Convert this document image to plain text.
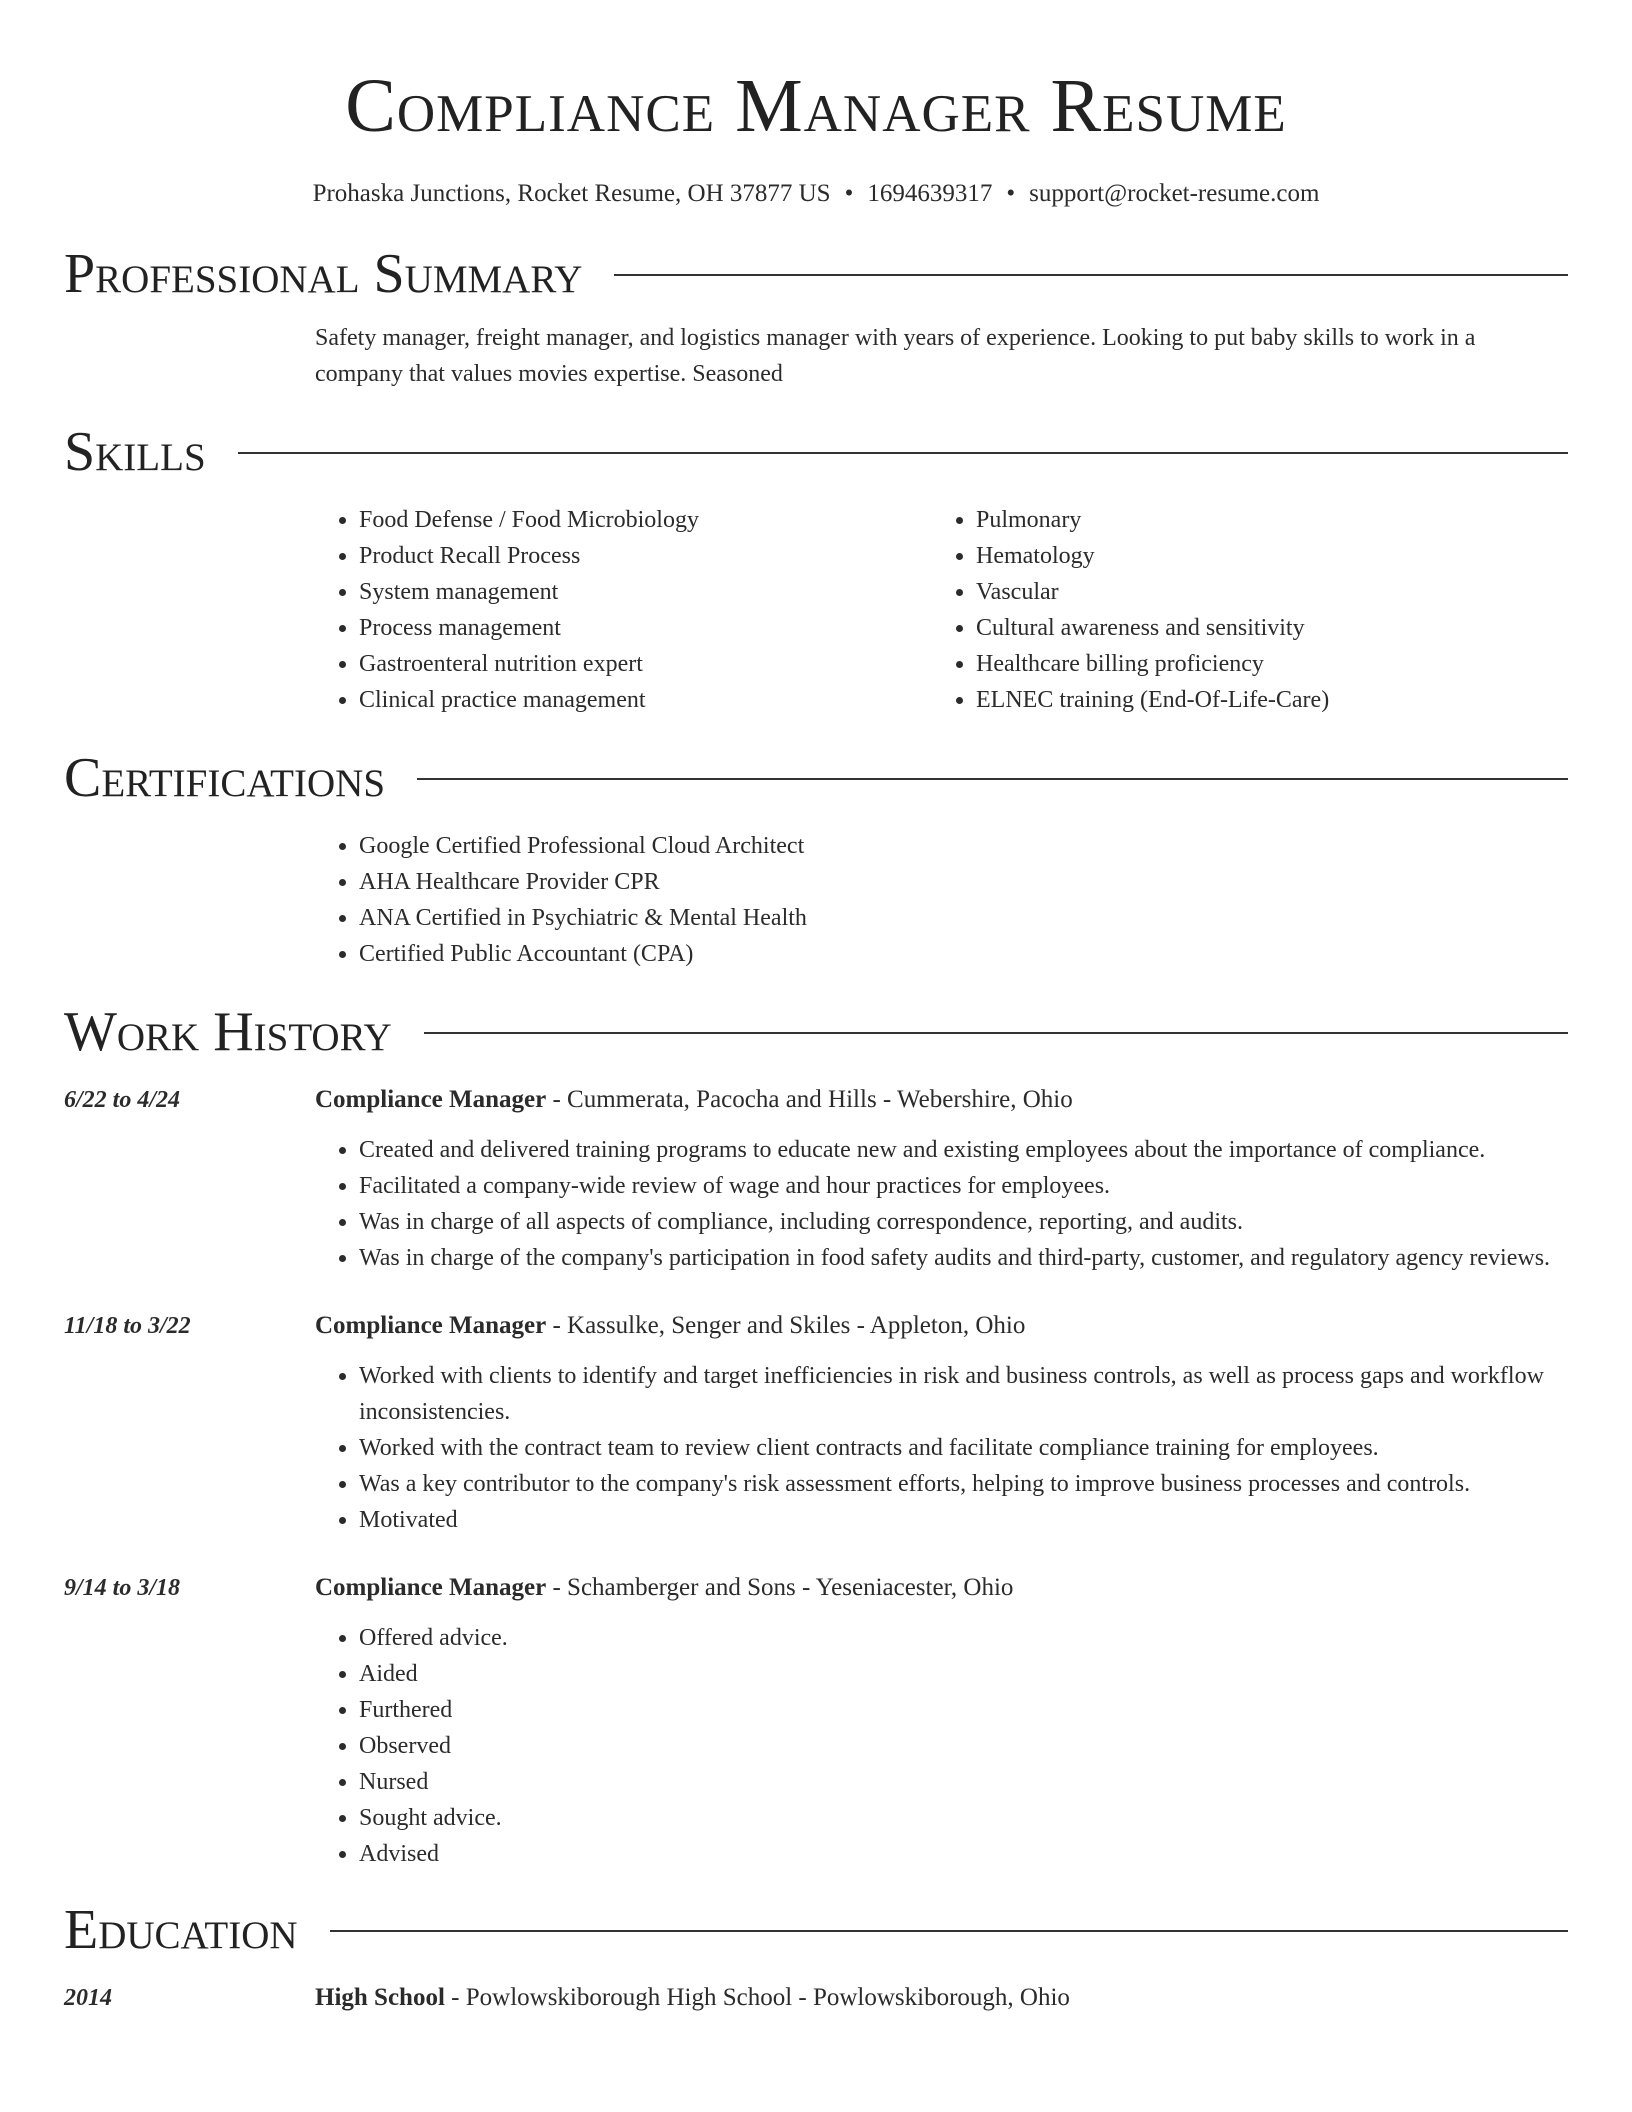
Compliance Manager Resume
Prohaska Junctions, Rocket Resume, OH 37877 US • 1694639317 • support@rocket-resume.com
Professional Summary
Safety manager, freight manager, and logistics manager with years of experience. Looking to put baby skills to work in a company that values movies expertise. Seasoned
Skills
• Food Defense / Food Microbiology
• Product Recall Process
• System management
• Process management
• Gastroenteral nutrition expert
• Clinical practice management
• Pulmonary
• Hematology
• Vascular
• Cultural awareness and sensitivity
• Healthcare billing proficiency
• ELNEC training (End-Of-Life-Care)
Certifications
• Google Certified Professional Cloud Architect
• AHA Healthcare Provider CPR
• ANA Certified in Psychiatric & Mental Health
• Certified Public Accountant (CPA)
Work History
6/22 to 4/24	Compliance Manager - Cummerata, Pacocha and Hills - Webershire, Ohio
• Created and delivered training programs to educate new and existing employees about the importance of compliance.
• Facilitated a company-wide review of wage and hour practices for employees.
• Was in charge of all aspects of compliance, including correspondence, reporting, and audits.
• Was in charge of the company's participation in food safety audits and third-party, customer, and regulatory agency reviews.
11/18 to 3/22	Compliance Manager - Kassulke, Senger and Skiles - Appleton, Ohio
• Worked with clients to identify and target inefficiencies in risk and business controls, as well as process gaps and workflow inconsistencies.
• Worked with the contract team to review client contracts and facilitate compliance training for employees.
• Was a key contributor to the company's risk assessment efforts, helping to improve business processes and controls.
• Motivated
9/14 to 3/18	Compliance Manager - Schamberger and Sons - Yeseniacester, Ohio
• Offered advice.
• Aided
• Furthered
• Observed
• Nursed
• Sought advice.
• Advised
Education
2014	High School - Powlowskiborough High School - Powlowskiborough, Ohio
